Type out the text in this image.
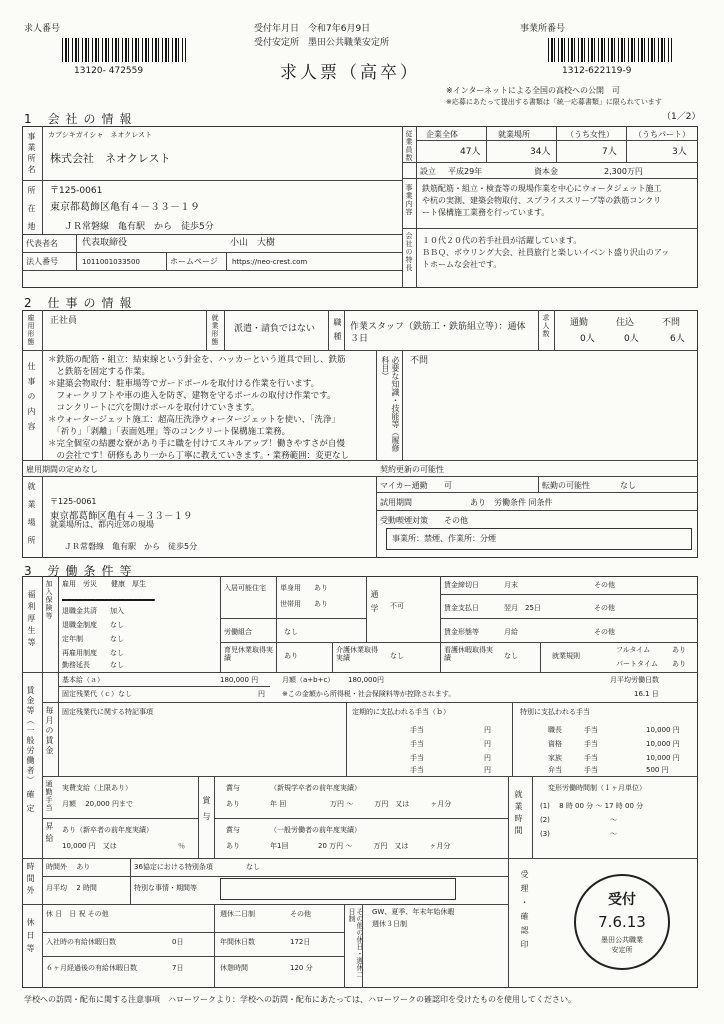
求人番号
13120- 472559
受付年月日 令和7年6月9日
受付安定所 墨田公共職業安定所
求人票（高卒）
事業所番号
1312-622119-9
※インターネットによる全国の高校への公開　可
※応募にあたって提出する書類は「統一応募書類」に限られています
1 会社の情報	（1／2）
事業所名 カブシキガイシャ　ネオクレスト
株式会社　ネオクレスト
所在地 〒125-0061
東京都葛飾区亀有４－３３－１９
ＪＲ常磐線　亀有駅　から　徒歩5分
代表者名	代表取締役	小山　大樹
法人番号	1011001033500	ホームページ https://neo-crest.com
従業員数 企業全体	就業場所	（うち女性）	（うちパート）
47人	34人	7人	3人
設立 平成29年	資本金	2,300万円
事業内容 鉄筋配筋・組立・検査等の現場作業を中心にウォータジェット施工
や杭の実測、建築会物取付、スプライススリーブ等の鉄筋コンクリ
ート保構施工業務を行っています。
会社の特長 １０代２０代の若手社員が活躍しています。
ＢＢＱ、ボウリング大会、社員旅行と楽しいイベント盛り沢山のアッ
トホームな会社です。
2 仕事の情報
雇用形態 正社員	就業形態 派遣・請負ではない 職種 作業スタッフ（鉄筋工・鉄筋組立等）：通体
３日
求人数 通勤	住込	不問
0人	0人	6人
仕事の内容
＊鉄筋の配筋・組立：結束線という針金を、ハッカーという道具で回し、鉄筋
　と鉄筋を固定する作業。
＊建築会物取付：駐車場等でガードポールを取付ける作業を行います。
　フォークリフトや車の進入を防ぎ、建物を守るポールの取付け作業です。
　コンクリートに穴を開けポールを取付けていきます。
＊ウォータージェット施工：超高圧洗浄ウォータージェットを使い、「洗浄」
　「祈り」「剥離」「表面処理」等のコンクリート保構施工業務。
＊完全個室の結麗な寮があり手に職を付けてスキルアップ！働きやすさが自慢
　の会社です！研修もあり一から丁寧に教えていきます。・業務範囲：変更なし
必要な知識・技能等（履修科目）	不問
雇用期間の定めなし	契約更新の可能性
マイカー通勤 可	転勤の可能性	なし
試用期間	あり　労働条件 同条件
就業場所 〒125-0061
東京都葛飾区亀有４－３３－１９
就業場所は、都内近郊の現場
ＪＲ常磐線　亀有駅　から　徒歩5分
受動喫煙対策 その他
事業所：禁煙、作業所：分煙
3 労働条件等
福利厚生等 加入保険等 雇用　労災　　健康　厚生
━━━━━━━━━━━━━━━━━━━━━━
退職金共済 加入
退職金制度 なし
定年制	なし
再雇用制度 なし
勤務延長	なし
入居可能住宅 単身用 あり
世帯用 あり
労働組合	なし
育児休業取得実績	あり
介護休業取得実績	なし
通学 不可
賃金締切日	月末	その他
賃金支払日	翌月　25日	その他
賃金形態等	月給	その他
看護休暇取得実績	なし	就業規則
フルタイム	あり
パートタイム あり
賃金等（一般労働者）
基本給（ａ）	180,000 円	月額（a+b+c） 180,000円	月平均労働日数
16.1 日
固定残業代（ｃ）なし	円 ※この金額から所得税・社会保険料等が控除されます。
毎月の賃金 固定残業代に関する特記事項	定期的に支払われる手当（ｂ）
手当	円
手当	円
手当	円
手当	円
特別に支払われる手当
職長	手当	10,000 円
資格	手当	10,000 円
家族	手当	10,000 円
弁当	手当	500 円
確定 通勤手当 実費支給（上限あり）
月額　 20,000 円まで
昇給 あり（新卒者の前年度実績）
10,000 円　又は	％
賞与
賞与
あり
（新規学卒者の前年度実績）
年 回	万円 〜　　　万円　又は　　　ヶ月分
賞与
あり
（一般労働者の前年度実績）
年1回	20 万円 〜　　　万円　又は　　　ヶ月分
就業時間
変形労働時間制（１ヶ月単位）
(1)　 8 時 00 分 〜 17 時 00 分
(2)	〜
(3)	〜
時間外 時間外　 あり	36協定における特別条項	なし
月平均　 2 時間	特別な事情・期間等
休日等
休 日　日 祝 その他	週休二日制	その他
入社時の有給休暇日数	0日	年間休日数	172日
６ヶ月経過後の有給休暇日数	7日	休憩時間	120 分	その他の休日・週休二日制	GW、夏季、年末年始休暇
週休３日制	受理・確認印	受付
7.6.13
墨田公共職業
安定所
学校への訪問・配布に関する注意事項　ハローワークより：学校への訪問・配布にあたっては、ハローワークの確認印を受けたものを使用してください。
